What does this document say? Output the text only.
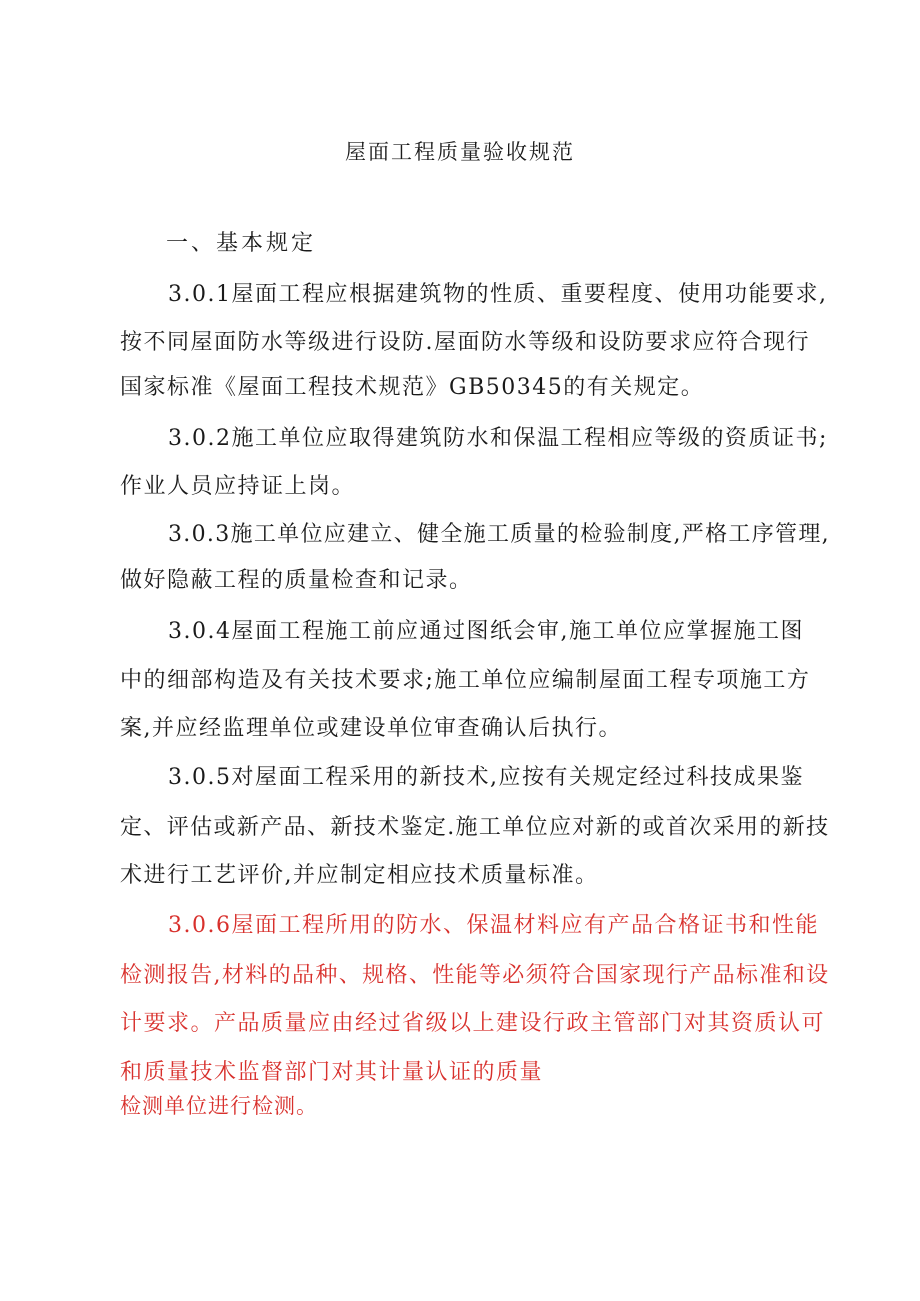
屋面工程质量验收规范
一、基本规定
3.0.1屋面工程应根据建筑物的性质、重要程度、使用功能要求,
按不同屋面防水等级进行设防.屋面防水等级和设防要求应符合现行
国家标准《屋面工程技术规范》GB50345的有关规定。
3.0.2施工单位应取得建筑防水和保温工程相应等级的资质证书;
作业人员应持证上岗。
3.0.3施工单位应建立、健全施工质量的检验制度,严格工序管理,
做好隐蔽工程的质量检查和记录。
3.0.4屋面工程施工前应通过图纸会审,施工单位应掌握施工图
中的细部构造及有关技术要求;施工单位应编制屋面工程专项施工方
案,并应经监理单位或建设单位审查确认后执行。
3.0.5对屋面工程采用的新技术,应按有关规定经过科技成果鉴
定、评估或新产品、新技术鉴定.施工单位应对新的或首次采用的新技
术进行工艺评价,并应制定相应技术质量标准。
3.0.6屋面工程所用的防水、保温材料应有产品合格证书和性能
检测报告,材料的品种、规格、性能等必须符合国家现行产品标准和设
计要求。产品质量应由经过省级以上建设行政主管部门对其资质认可
和质量技术监督部门对其计量认证的质量
检测单位进行检测。
